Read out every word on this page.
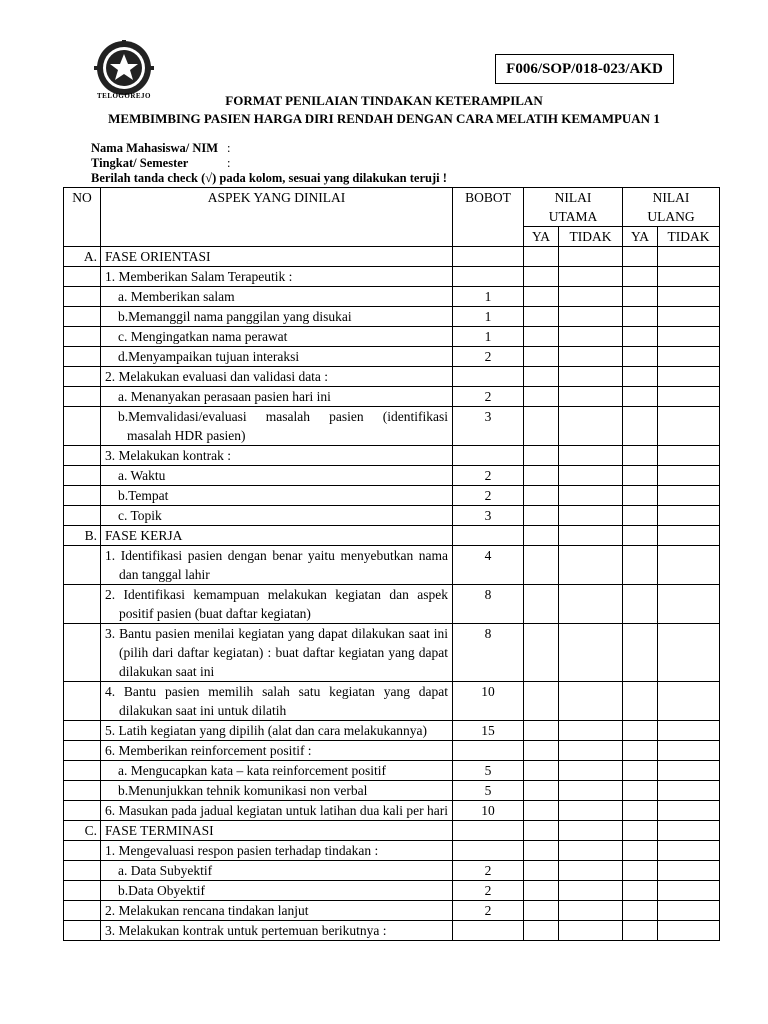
TELOGOREJO
F006/SOP/018-023/AKD
FORMAT PENILAIAN TINDAKAN KETERAMPILAN
MEMBIMBING PASIEN HARGA DIRI RENDAH DENGAN CARA MELATIH KEMAMPUAN 1
Nama Mahasiswa/ NIM :
Tingkat/ Semester	:
Berilah tanda check (√) pada kolom, sesuai yang dilakukan teruji !
NO	ASPEK YANG DINILAI	BOBOT	NILAI UTAMA		NILAI ULANG	
			YA	TIDAK	YA	TIDAK
A.	FASE ORIENTASI					

	1. Memberikan Salam Terapeutik :					

	a. Memberikan salam	1				

	b.Memanggil nama panggilan yang disukai	1				

	c. Mengingatkan nama perawat	1				

	d.Menyampaikan tujuan interaksi	2				

	2. Melakukan evaluasi dan validasi data :					

	a. Menanyakan perasaan pasien hari ini	2				

	b.Memvalidasi/evaluasi masalah pasien (identifikasi masalah HDR pasien)	3				

	3. Melakukan kontrak :					

	a. Waktu	2				

	b.Tempat	2				

	c. Topik	3				
B.	FASE KERJA					

	1. Identifikasi pasien dengan benar yaitu menyebutkan nama dan tanggal lahir	4				

	2. Identifikasi kemampuan melakukan kegiatan dan aspek positif pasien (buat daftar kegiatan)	8				

	3. Bantu pasien menilai kegiatan yang dapat dilakukan saat ini (pilih dari daftar kegiatan) : buat daftar kegiatan yang dapat dilakukan saat ini	8				

	4. Bantu pasien memilih salah satu kegiatan yang dapat dilakukan saat ini untuk dilatih	10				

	5. Latih kegiatan yang dipilih (alat dan cara melakukannya)	15				

	6. Memberikan reinforcement positif :					

	a. Mengucapkan kata – kata reinforcement positif	5				

	b.Menunjukkan tehnik komunikasi non verbal	5				

	6. Masukan pada jadual kegiatan untuk latihan dua kali per hari	10				
C.	FASE TERMINASI					

	1. Mengevaluasi respon pasien terhadap tindakan :					

	a. Data Subyektif	2				

	b.Data Obyektif	2				

	2. Melakukan rencana tindakan lanjut	2				

	3. Melakukan kontrak untuk pertemuan berikutnya :					
